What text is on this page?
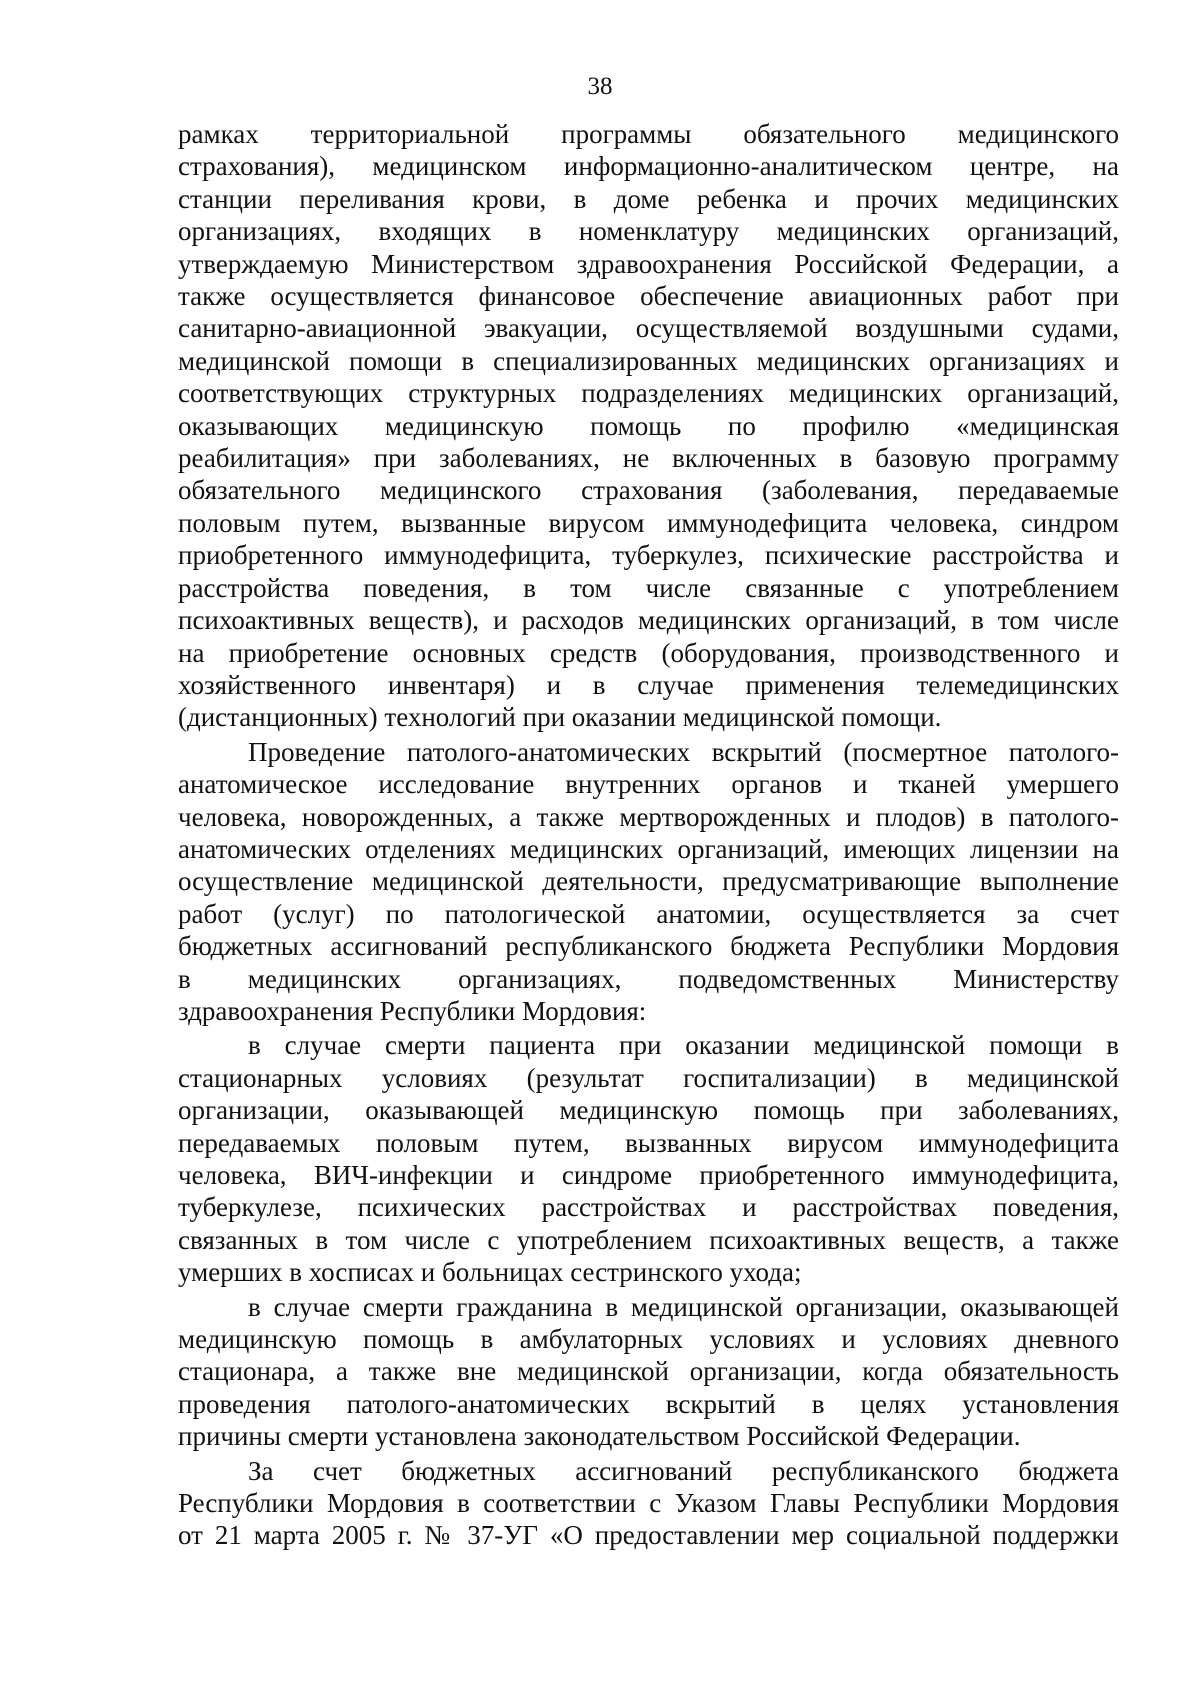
38
рамках территориальной программы обязательного медицинского
страхования), медицинском информационно-аналитическом центре, на
станции переливания крови, в доме ребенка и прочих медицинских
организациях, входящих в номенклатуру медицинских организаций,
утверждаемую Министерством здравоохранения Российской Федерации, а
также осуществляется финансовое обеспечение авиационных работ при
санитарно-авиационной эвакуации, осуществляемой воздушными судами,
медицинской помощи в специализированных медицинских организациях и
соответствующих структурных подразделениях медицинских организаций,
оказывающих медицинскую помощь по профилю «медицинская
реабилитация» при заболеваниях, не включенных в базовую программу
обязательного медицинского страхования (заболевания, передаваемые
половым путем, вызванные вирусом иммунодефицита человека, синдром
приобретенного иммунодефицита, туберкулез, психические расстройства и
расстройства поведения, в том числе связанные с употреблением
психоактивных веществ), и расходов медицинских организаций, в том числе
на приобретение основных средств (оборудования, производственного и
хозяйственного инвентаря) и в случае применения телемедицинских
(дистанционных) технологий при оказании медицинской помощи.
Проведение патолого-анатомических вскрытий (посмертное патолого-
анатомическое исследование внутренних органов и тканей умершего
человека, новорожденных, а также мертворожденных и плодов) в патолого-
анатомических отделениях медицинских организаций, имеющих лицензии на
осуществление медицинской деятельности, предусматривающие выполнение
работ (услуг) по патологической анатомии, осуществляется за счет
бюджетных ассигнований республиканского бюджета Республики Мордовия
в медицинских организациях, подведомственных Министерству
здравоохранения Республики Мордовия:
в случае смерти пациента при оказании медицинской помощи в
стационарных условиях (результат госпитализации) в медицинской
организации, оказывающей медицинскую помощь при заболеваниях,
передаваемых половым путем, вызванных вирусом иммунодефицита
человека, ВИЧ-инфекции и синдроме приобретенного иммунодефицита,
туберкулезе, психических расстройствах и расстройствах поведения,
связанных в том числе с употреблением психоактивных веществ, а также
умерших в хосписах и больницах сестринского ухода;
в случае смерти гражданина в медицинской организации, оказывающей
медицинскую помощь в амбулаторных условиях и условиях дневного
стационара, а также вне медицинской организации, когда обязательность
проведения патолого-анатомических вскрытий в целях установления
причины смерти установлена законодательством Российской Федерации.
За счет бюджетных ассигнований республиканского бюджета
Республики Мордовия в соответствии с Указом Главы Республики Мордовия
от 21 марта 2005 г. № 37-УГ «О предоставлении мер социальной поддержки
